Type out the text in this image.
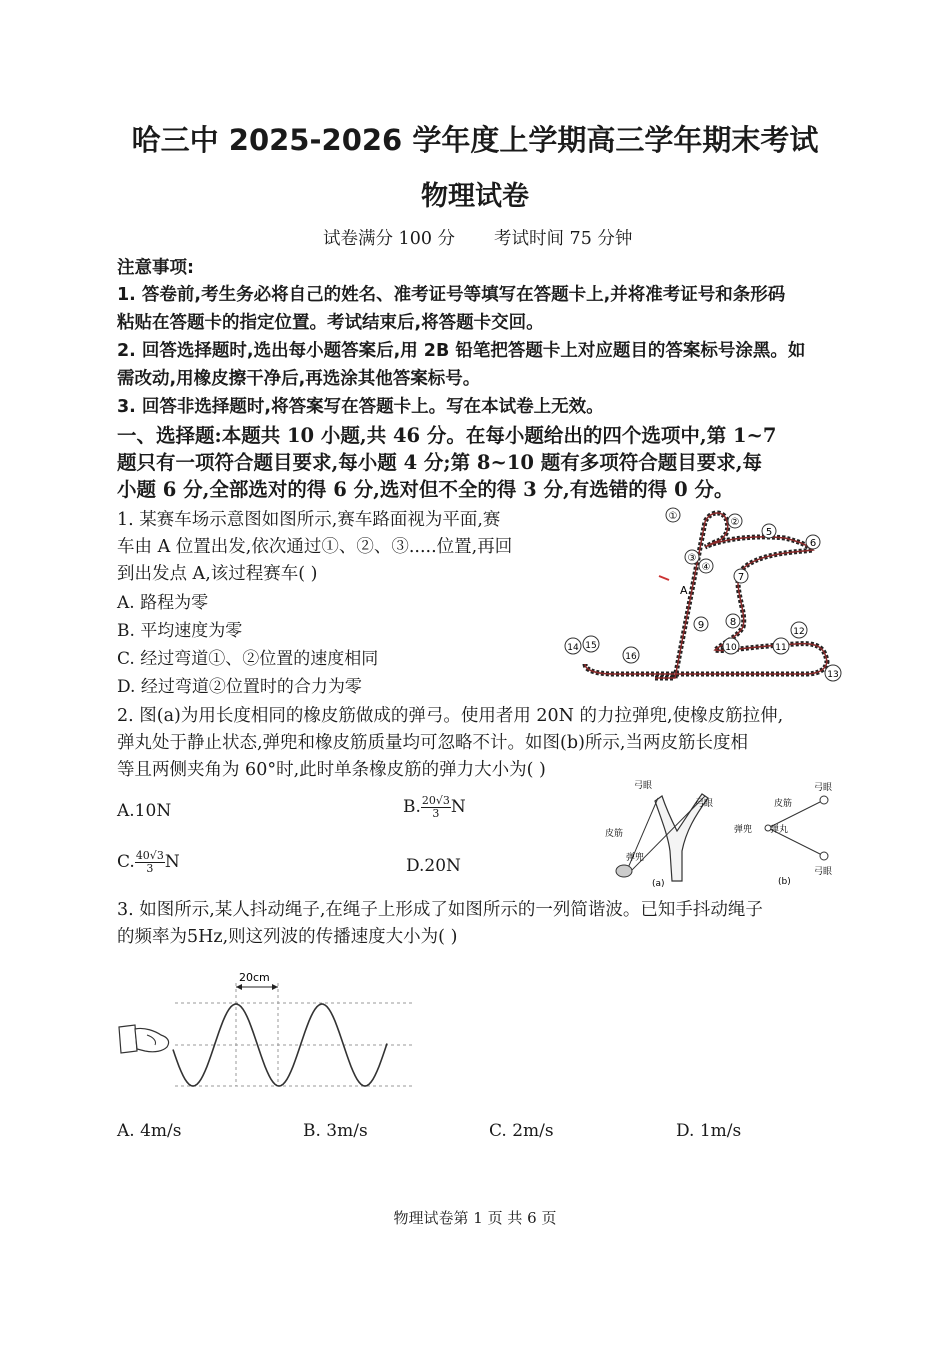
哈三中 2025-2026 学年度上学期高三学年期末考试
物理试卷
试卷满分 100 分 考试时间 75 分钟
注意事项:
1. 答卷前,考生务必将自己的姓名、准考证号等填写在答题卡上,并将准考证号和条形码
粘贴在答题卡的指定位置。考试结束后,将答题卡交回。
2. 回答选择题时,选出每小题答案后,用 2B 铅笔把答题卡上对应题目的答案标号涂黑。如
需改动,用橡皮擦干净后,再选涂其他答案标号。
3. 回答非选择题时,将答案写在答题卡上。写在本试卷上无效。
一、选择题:本题共 10 小题,共 46 分。在每小题给出的四个选项中,第 1~7
题只有一项符合题目要求,每小题 4 分;第 8~10 题有多项符合题目要求,每
小题 6 分,全部选对的得 6 分,选对但不全的得 3 分,有选错的得 0 分。
1. 某赛车场示意图如图所示,赛车路面视为平面,赛
车由 A 位置出发,依次通过①、②、③.....位置,再回
到出发点 A,该过程赛车( )
A. 路程为零
B. 平均速度为零
C. 经过弯道①、②位置的速度相同
D. 经过弯道②位置时的合力为零
①
②
③
④
5
6
7
8
9
10	11
12
13
14 15
16
A
2. 图(a)为用长度相同的橡皮筋做成的弹弓。使用者用 20N 的力拉弹兜,使橡皮筋拉伸,
弹丸处于静止状态,弹兜和橡皮筋质量均可忽略不计。如图(b)所示,当两皮筋长度相
等且两侧夹角为 60°时,此时单条橡皮筋的弹力大小为( )
A.10N	B. $\frac{20√3}{3}$ N
C. $\frac{40√3}{3}$ N	D.20N
弓眼
弓眼
皮筋
弹兜
(a)
弓眼
皮筋
弹兜 弹丸
弓眼
(b)
3. 如图所示,某人抖动绳子,在绳子上形成了如图所示的一列简谐波。已知手抖动绳子
的频率为5Hz,则这列波的传播速度大小为( )
20cm
A. 4m/s	B. 3m/s	C. 2m/s	D. 1m/s
物理试卷第 1 页 共 6 页
